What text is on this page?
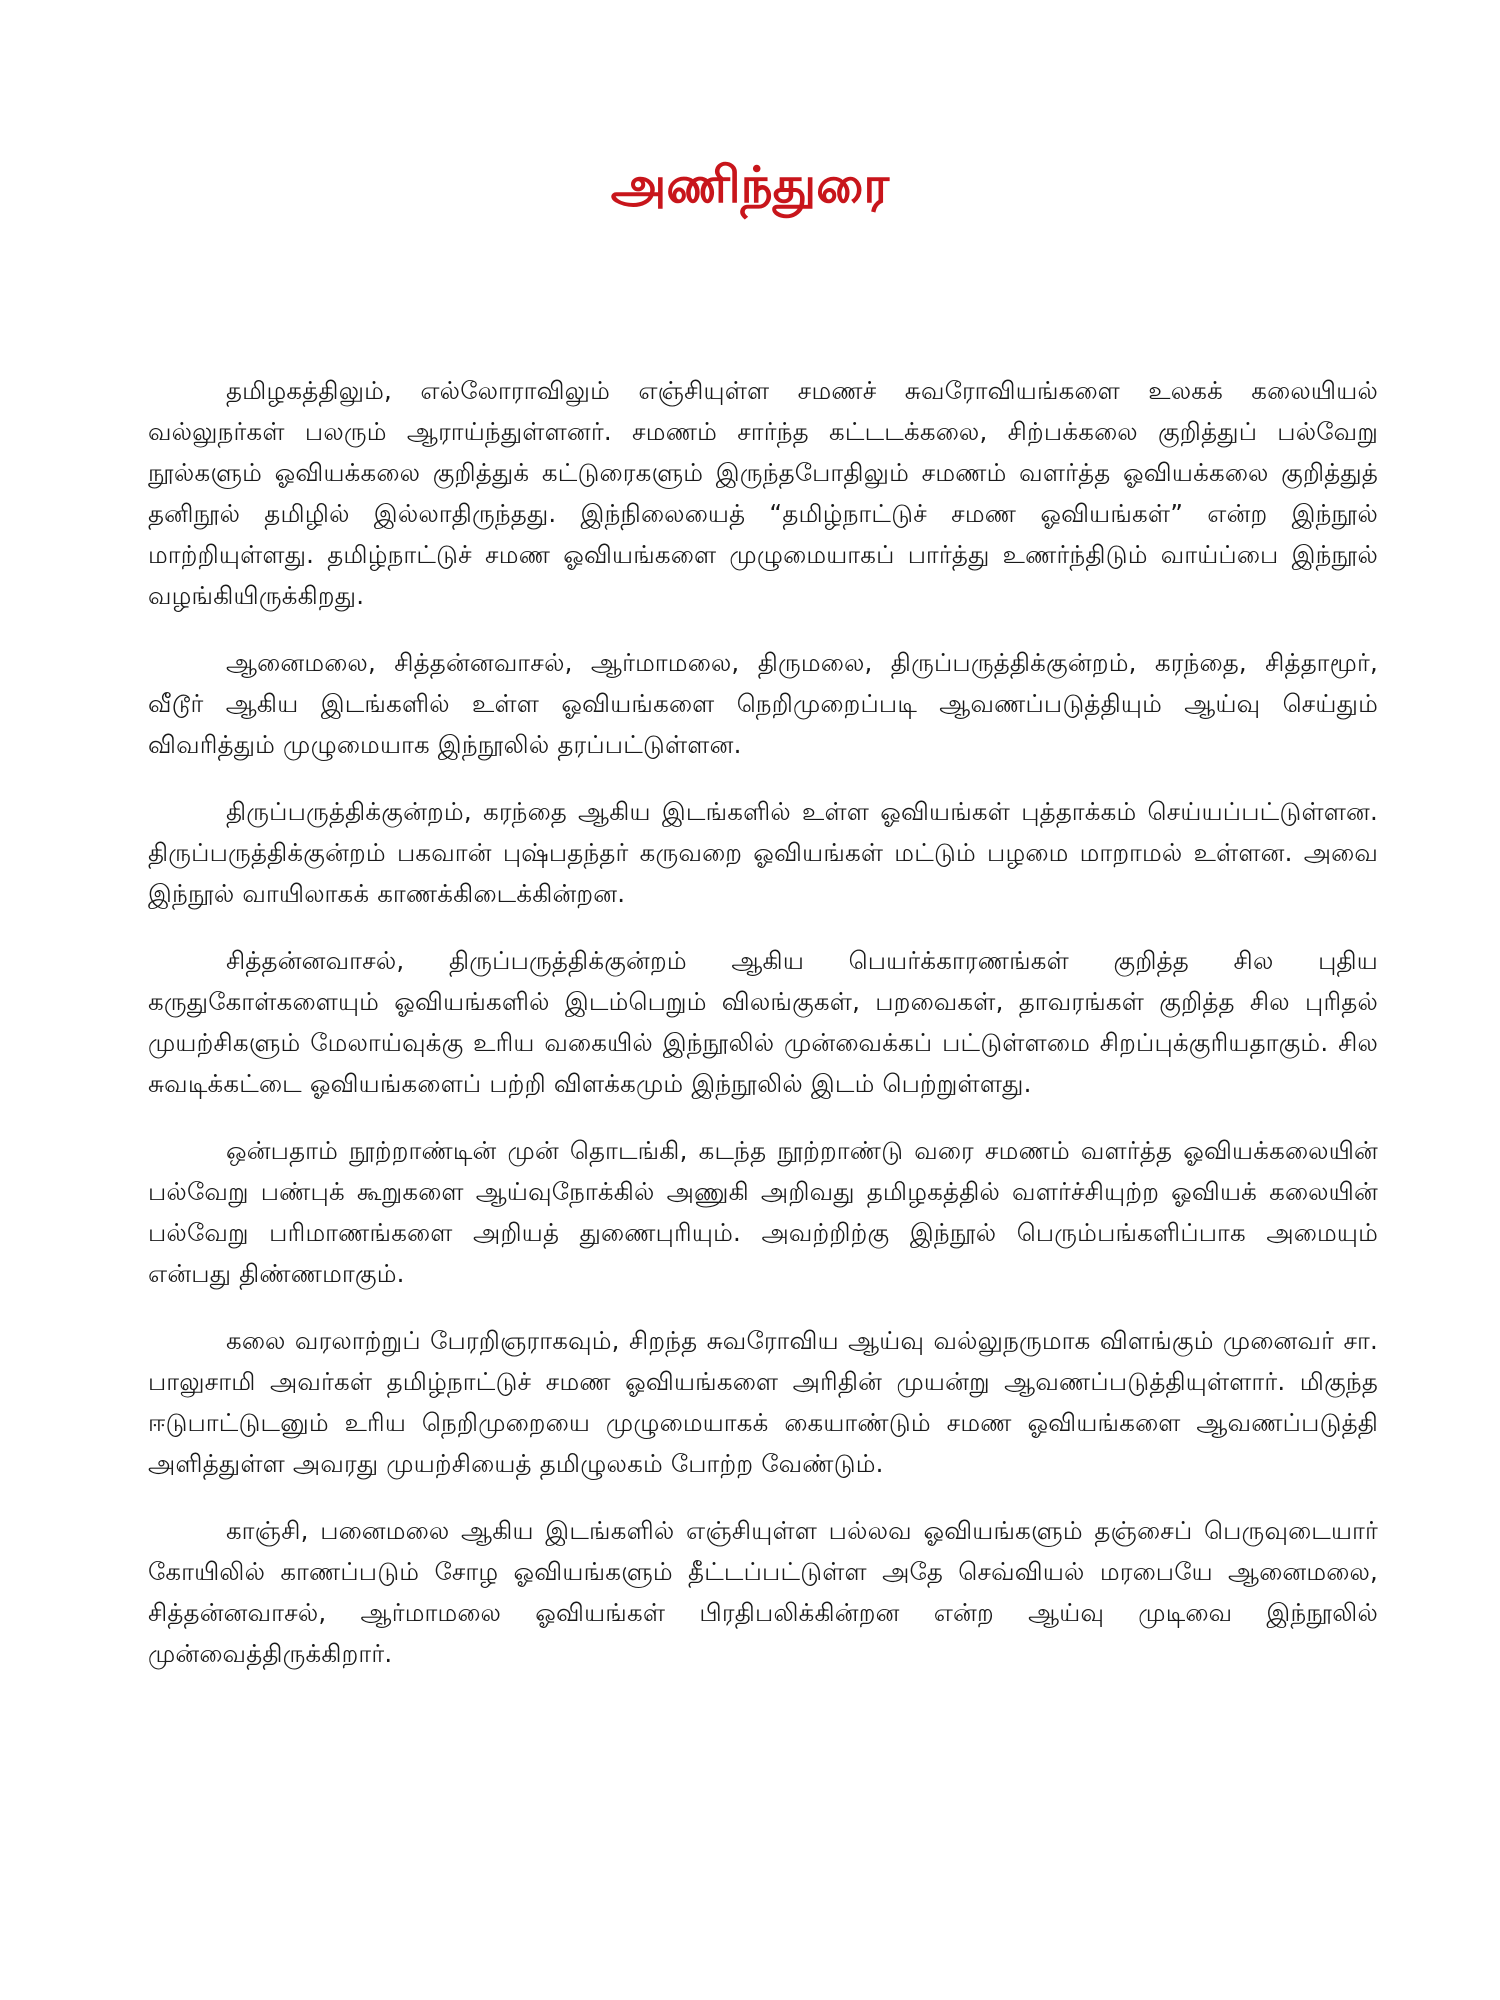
அணிந்துரை

தமிழகத்திலும், எல்லோராவிலும் எஞ்சியுள்ள சமணச் சுவரோவியங்களை உலகக் கலையியல் வல்லுநர்கள் பலரும் ஆராய்ந்துள்ளனர். சமணம் சார்ந்த கட்டடக்கலை, சிற்பக்கலை குறித்துப் பல்வேறு நூல்களும் ஓவியக்கலை குறித்துக் கட்டுரைகளும் இருந்தபோதிலும் சமணம் வளர்த்த ஓவியக்கலை குறித்துத் தனிநூல் தமிழில் இல்லாதிருந்தது. இந்நிலையைத் “தமிழ்நாட்டுச் சமண ஓவியங்கள்” என்ற இந்நூல் மாற்றியுள்ளது. தமிழ்நாட்டுச் சமண ஓவியங்களை முழுமையாகப் பார்த்து உணர்ந்திடும் வாய்ப்பை இந்நூல் வழங்கியிருக்கிறது.

ஆனைமலை, சித்தன்னவாசல், ஆர்மாமலை, திருமலை, திருப்பருத்திக்குன்றம், கரந்தை, சித்தாமூர், வீடூர் ஆகிய இடங்களில் உள்ள ஓவியங்களை நெறிமுறைப்படி ஆவணப்படுத்தியும் ஆய்வு செய்தும் விவரித்தும் முழுமையாக இந்நூலில் தரப்பட்டுள்ளன.

திருப்பருத்திக்குன்றம், கரந்தை ஆகிய இடங்களில் உள்ள ஓவியங்கள் புத்தாக்கம் செய்யப்பட்டுள்ளன. திருப்பருத்திக்குன்றம் பகவான் புஷ்பதந்தர் கருவறை ஓவியங்கள் மட்டும் பழமை மாறாமல் உள்ளன. அவை இந்நூல் வாயிலாகக் காணக்கிடைக்கின்றன.

சித்தன்னவாசல், திருப்பருத்திக்குன்றம் ஆகிய பெயர்க்காரணங்கள் குறித்த சில புதிய கருதுகோள்களையும் ஓவியங்களில் இடம்பெறும் விலங்குகள், பறவைகள், தாவரங்கள் குறித்த சில புரிதல் முயற்சிகளும் மேலாய்வுக்கு உரிய வகையில் இந்நூலில் முன்வைக்கப் பட்டுள்ளமை சிறப்புக்குரியதாகும். சில சுவடிக்கட்டை ஓவியங்களைப் பற்றி விளக்கமும் இந்நூலில் இடம் பெற்றுள்ளது.

ஒன்பதாம் நூற்றாண்டின் முன் தொடங்கி, கடந்த நூற்றாண்டு வரை சமணம் வளர்த்த ஓவியக்கலையின் பல்வேறு பண்புக் கூறுகளை ஆய்வுநோக்கில் அணுகி அறிவது தமிழகத்தில் வளர்ச்சியுற்ற ஓவியக் கலையின் பல்வேறு பரிமாணங்களை அறியத் துணைபுரியும். அவற்றிற்கு இந்நூல் பெரும்பங்களிப்பாக அமையும் என்பது திண்ணமாகும்.

கலை வரலாற்றுப் பேரறிஞராகவும், சிறந்த சுவரோவிய ஆய்வு வல்லுநருமாக விளங்கும் முனைவர் சா. பாலுசாமி அவர்கள் தமிழ்நாட்டுச் சமண ஓவியங்களை அரிதின் முயன்று ஆவணப்படுத்தியுள்ளார். மிகுந்த ஈடுபாட்டுடனும் உரிய நெறிமுறையை முழுமையாகக் கையாண்டும் சமண ஓவியங்களை ஆவணப்படுத்தி அளித்துள்ள அவரது முயற்சியைத் தமிழுலகம் போற்ற வேண்டும்.

காஞ்சி, பனைமலை ஆகிய இடங்களில் எஞ்சியுள்ள பல்லவ ஓவியங்களும் தஞ்சைப் பெருவுடையார் கோயிலில் காணப்படும் சோழ ஓவியங்களும் தீட்டப்பட்டுள்ள அதே செவ்வியல் மரபையே ஆனைமலை, சித்தன்னவாசல், ஆர்மாமலை ஓவியங்கள் பிரதிபலிக்கின்றன என்ற ஆய்வு முடிவை இந்நூலில் முன்வைத்திருக்கிறார்.
